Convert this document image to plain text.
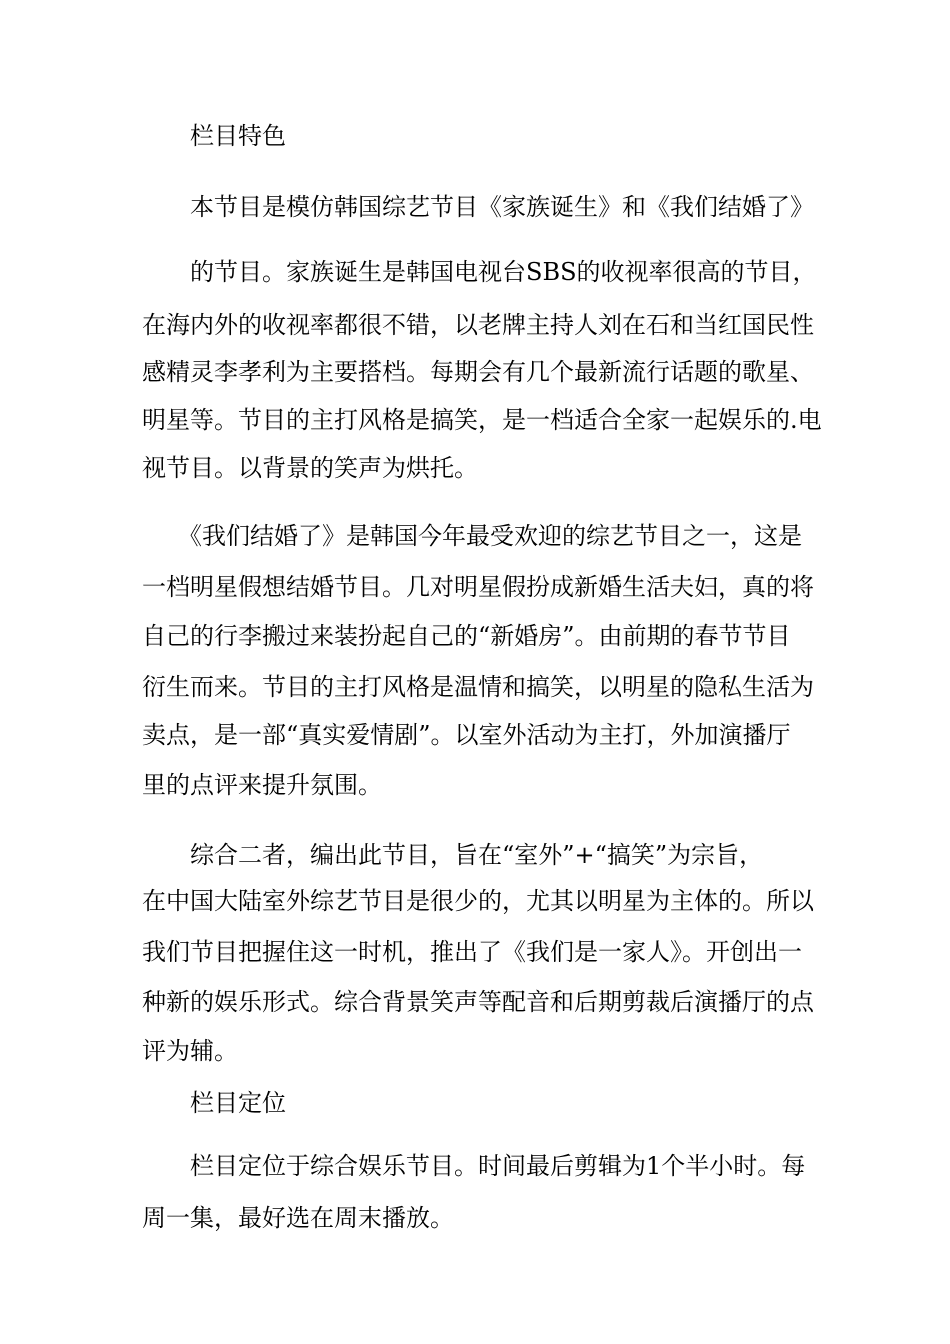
栏目特色
本节目是模仿韩国综艺节目《家族诞生》和《我们结婚了》
的节目。家族诞生是韩国电视台SBS的收视率很高的节目，
在海内外的收视率都很不错，以老牌主持人刘在石和当红国民性
感精灵李孝利为主要搭档。每期会有几个最新流行话题的歌星、
明星等。节目的主打风格是搞笑，是一档适合全家一起娱乐的.电
视节目。以背景的笑声为烘托。
《我们结婚了》是韩国今年最受欢迎的综艺节目之一，这是
一档明星假想结婚节目。几对明星假扮成新婚生活夫妇，真的将
自己的行李搬过来装扮起自己的“新婚房”。由前期的春节节目
衍生而来。节目的主打风格是温情和搞笑，以明星的隐私生活为
卖点，是一部“真实爱情剧”。以室外活动为主打，外加演播厅
里的点评来提升氛围。
综合二者，编出此节目，旨在“室外”+“搞笑”为宗旨，
在中国大陆室外综艺节目是很少的，尤其以明星为主体的。所以
我们节目把握住这一时机，推出了《我们是一家人》。开创出一
种新的娱乐形式。综合背景笑声等配音和后期剪裁后演播厅的点
评为辅。
栏目定位
栏目定位于综合娱乐节目。时间最后剪辑为1个半小时。每
周一集，最好选在周末播放。
